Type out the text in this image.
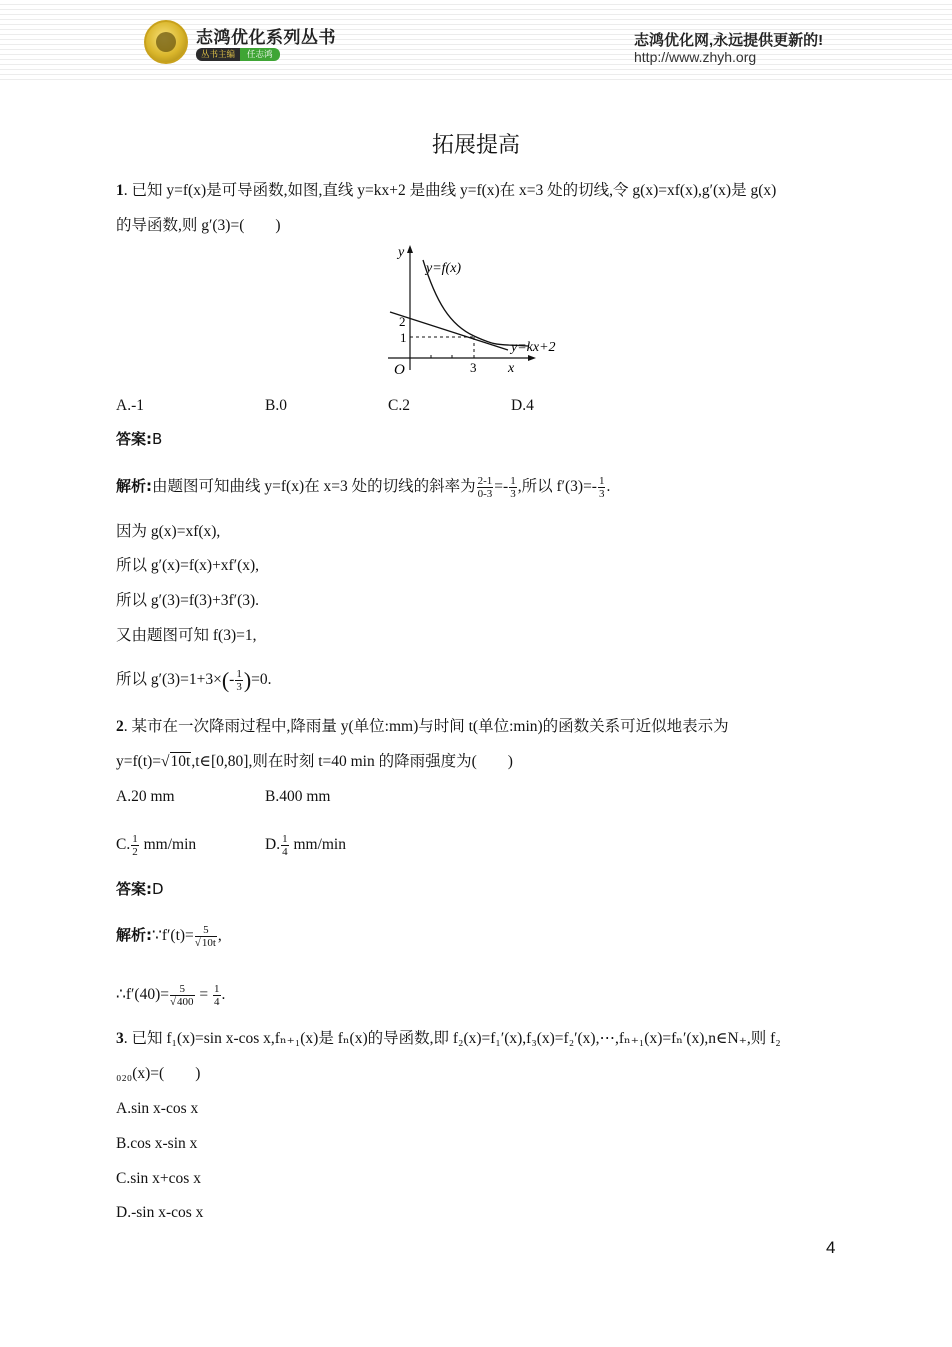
志鸿优化系列丛书
丛书主编 任志鸿
志鸿优化网,永远提供更新的!
http://www.zhyh.org
拓展提高
1. 已知 y=f(x)是可导函数,如图,直线 y=kx+2 是曲线 y=f(x)在 x=3 处的切线,令 g(x)=xf(x),g′(x)是 g(x)
的导函数,则 g′(3)=(　　)
y
x
O
y=f(x)
y=kx+2
2
1
3
A.-1	B.0	C.2	D.4
答案:B
解析:由题图可知曲线 y=f(x)在 x=3 处的切线的斜率为 $\frac{2-1}{0-3} =- \frac{1}{3}$ ,所以 $f'(3)=- \frac{1}{3}$ .
因为 g(x)=xf(x),
所以 g′(x)=f(x)+xf′(x),
所以 g′(3)=f(3)+3f′(3).
又由题图可知 f(3)=1,
所以 $g'(3)=1+3\times(- \frac{1}{3} )=0$.
2. 某市在一次降雨过程中,降雨量 y(单位:mm)与时间 t(单位:min)的函数关系可近似地表示为
y=f(t)=√10t,t∈[0,80],则在时刻 t=40 min 的降雨强度为(　　)
A.20 mm	B.400 mm
C. $\frac{1}{2} mm/\min$	D. $\frac{1}{4} mm/\min$
答案:D
解析:∵f′(t)= $\frac{5}{√10t}$ ,
∴f′(40)= $\frac{5}{√400} = \frac{1}{4}$ .
3. 已知 f₁(x)=sin x-cos x,fₙ₊₁(x)是 fₙ(x)的导函数,即 f₂(x)=f₁′(x),f₃(x)=f₂′(x),⋯,fₙ₊₁(x)=fₙ′(x),n∈N₊,则 f₂
₀₂₀(x)=(　　)
A.sin x-cos x
B.cos x-sin x
C.sin x+cos x
D.-sin x-cos x
4
